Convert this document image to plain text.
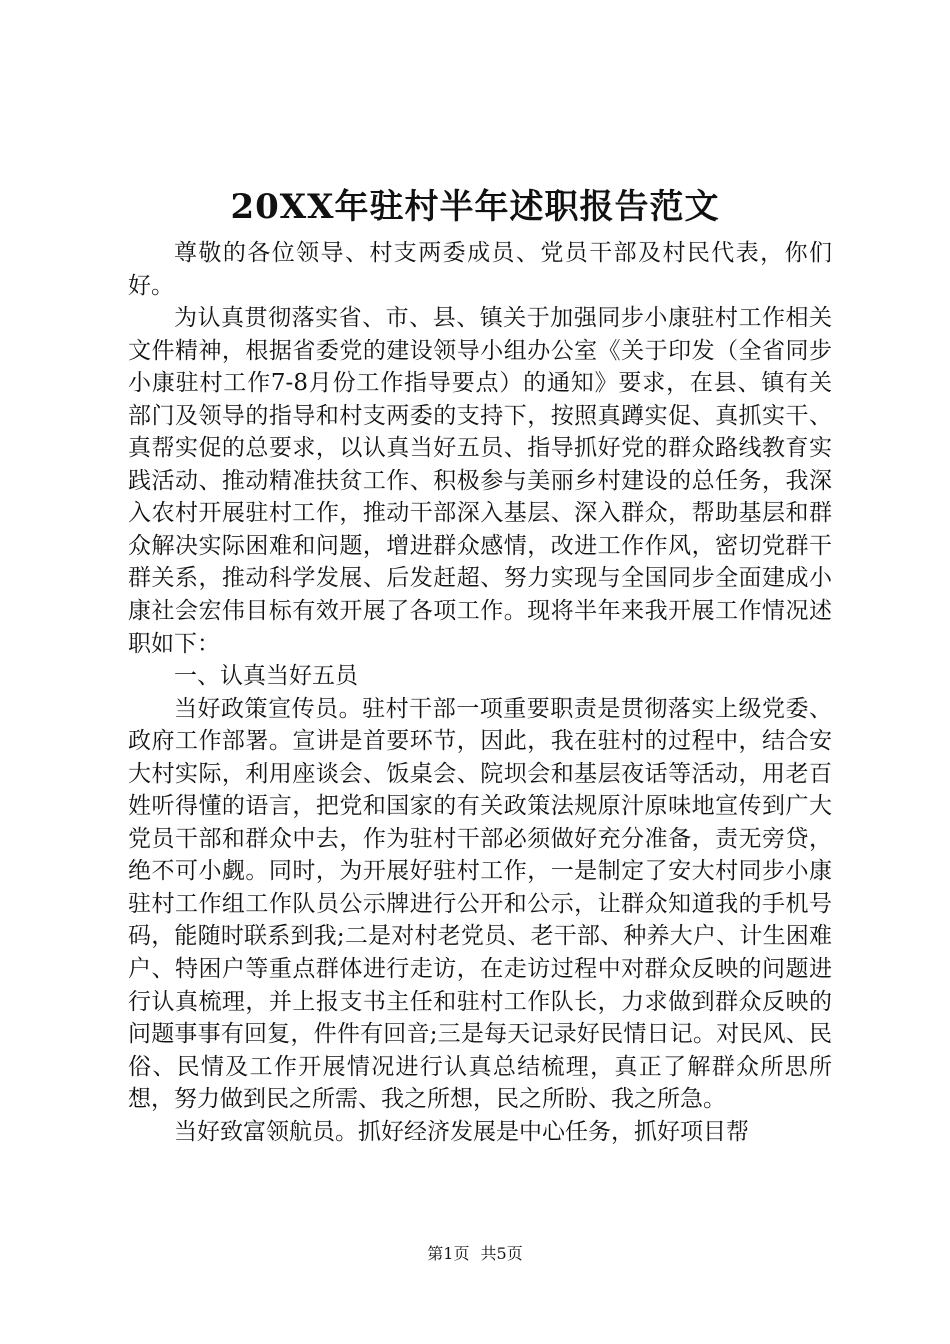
20XX年驻村半年述职报告范文

尊敬的各位领导、村支两委成员、党员干部及村民代表，你们好。

为认真贯彻落实省、市、县、镇关于加强同步小康驻村工作相关文件精神，根据省委党的建设领导小组办公室《关于印发（全省同步小康驻村工作7-8月份工作指导要点）的通知》要求，在县、镇有关部门及领导的指导和村支两委的支持下，按照真蹲实促、真抓实干、真帮实促的总要求，以认真当好五员、指导抓好党的群众路线教育实践活动、推动精准扶贫工作、积极参与美丽乡村建设的总任务，我深入农村开展驻村工作，推动干部深入基层、深入群众，帮助基层和群众解决实际困难和问题，增进群众感情，改进工作作风，密切党群干群关系，推动科学发展、后发赶超、努力实现与全国同步全面建成小康社会宏伟目标有效开展了各项工作。现将半年来我开展工作情况述职如下：

一、认真当好五员

当好政策宣传员。驻村干部一项重要职责是贯彻落实上级党委、政府工作部署。宣讲是首要环节，因此，我在驻村的过程中，结合安大村实际，利用座谈会、饭桌会、院坝会和基层夜话等活动，用老百姓听得懂的语言，把党和国家的有关政策法规原汁原味地宣传到广大党员干部和群众中去，作为驻村干部必须做好充分准备，责无旁贷，绝不可小觑。同时，为开展好驻村工作，一是制定了安大村同步小康驻村工作组工作队员公示牌进行公开和公示，让群众知道我的手机号码，能随时联系到我;二是对村老党员、老干部、种养大户、计生困难户、特困户等重点群体进行走访，在走访过程中对群众反映的问题进行认真梳理，并上报支书主任和驻村工作队长，力求做到群众反映的问题事事有回复，件件有回音;三是每天记录好民情日记。对民风、民俗、民情及工作开展情况进行认真总结梳理，真正了解群众所思所想，努力做到民之所需、我之所想，民之所盼、我之所急。

当好致富领航员。抓好经济发展是中心任务，抓好项目帮

第1页 共5页
